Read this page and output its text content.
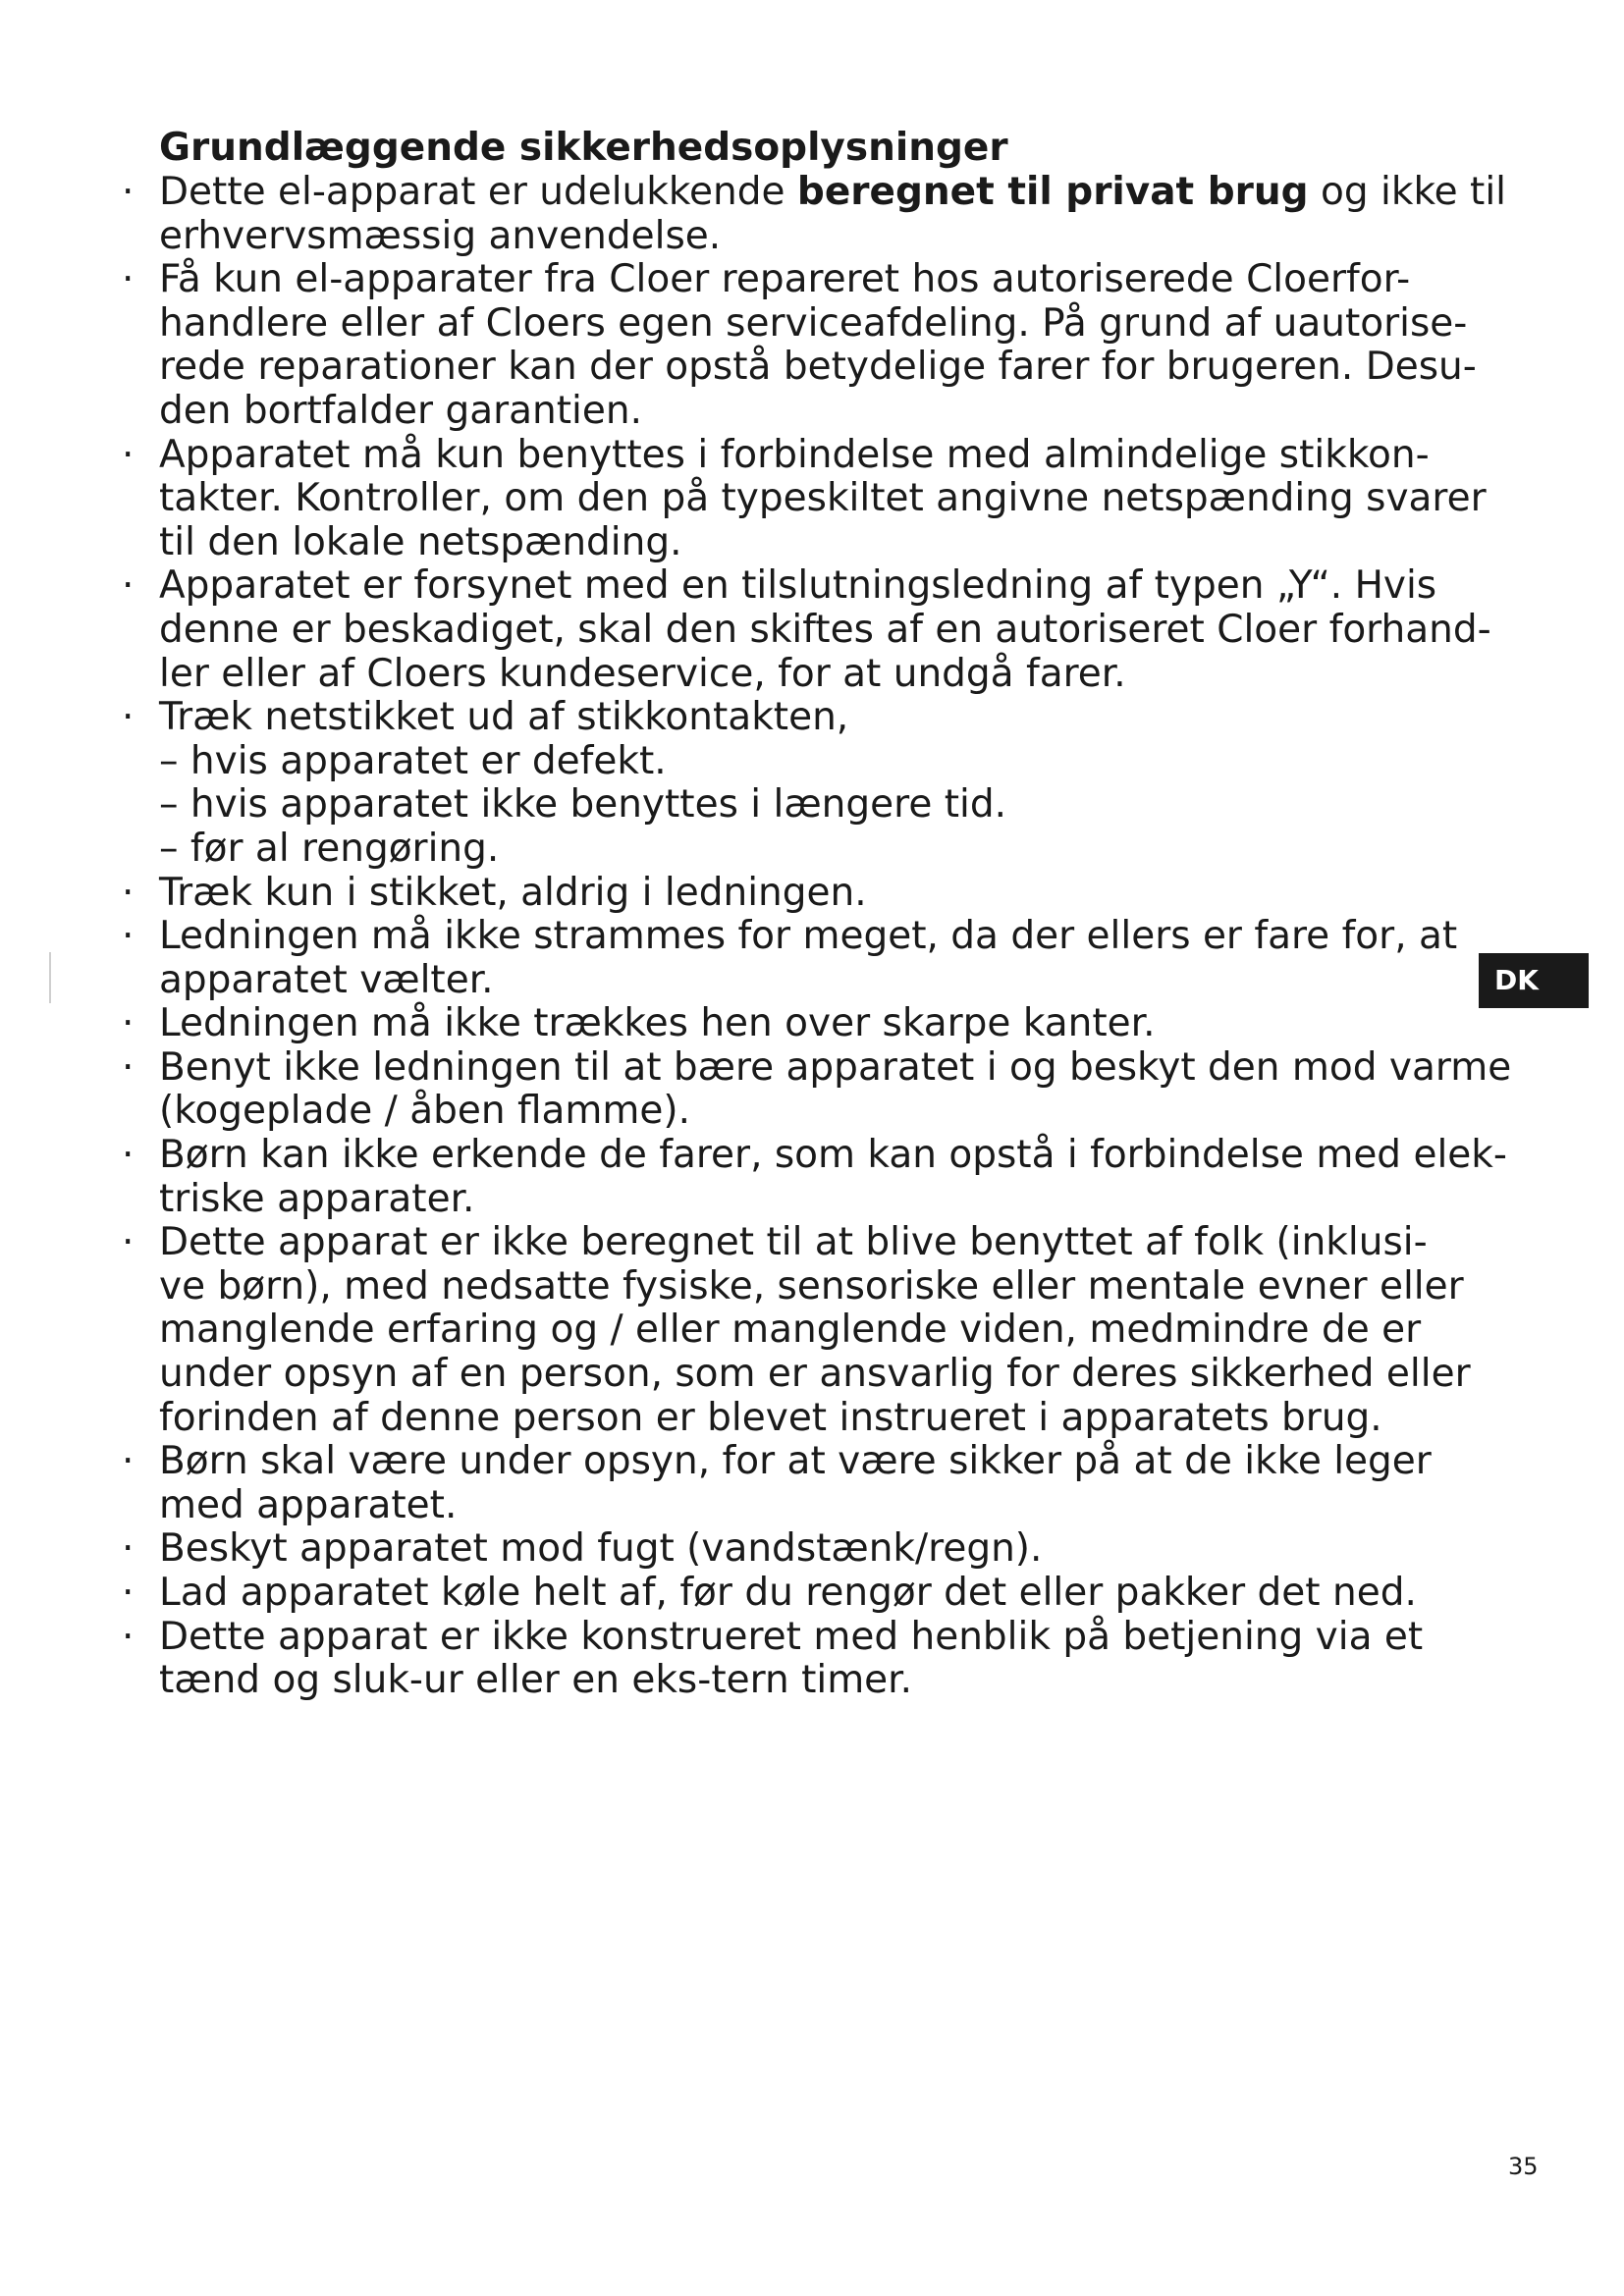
Grundlæggende sikkerhedsoplysninger
· Dette el-apparat er udelukkende beregnet til privat brug og ikke til
erhvervsmæssig anvendelse.
· Få kun el-apparater fra Cloer repareret hos autoriserede Cloerfor-
handlere eller af Cloers egen serviceafdeling. På grund af uautorise-
rede reparationer kan der opstå betydelige farer for brugeren. Desu-
den bortfalder garantien.
· Apparatet må kun benyttes i forbindelse med almindelige stikkon-
takter. Kontroller, om den på typeskiltet angivne netspænding svarer
til den lokale netspænding.
· Apparatet er forsynet med en tilslutningsledning af typen „Y“. Hvis
denne er beskadiget, skal den skiftes af en autoriseret Cloer forhand-
ler eller af Cloers kundeservice, for at undgå farer.
· Træk netstikket ud af stikkontakten,
– hvis apparatet er defekt.
– hvis apparatet ikke benyttes i længere tid.
– før al rengøring.
· Træk kun i stikket, aldrig i ledningen.
· Ledningen må ikke strammes for meget, da der ellers er fare for, at
apparatet vælter.
· Ledningen må ikke trækkes hen over skarpe kanter.
· Benyt ikke ledningen til at bære apparatet i og beskyt den mod varme
(kogeplade / åben flamme).
· Børn kan ikke erkende de farer, som kan opstå i forbindelse med elek-
triske apparater.
· Dette apparat er ikke beregnet til at blive benyttet af folk (inklusi-
ve børn), med nedsatte fysiske, sensoriske eller mentale evner eller
manglende erfaring og / eller manglende viden, medmindre de er
under opsyn af en person, som er ansvarlig for deres sikkerhed eller
forinden af denne person er blevet instrueret i apparatets brug.
· Børn skal være under opsyn, for at være sikker på at de ikke leger
med apparatet.
· Beskyt apparatet mod fugt (vandstænk/regn).
· Lad apparatet køle helt af, før du rengør det eller pakker det ned.
· Dette apparat er ikke konstrueret med henblik på betjening via et
tænd og sluk-ur eller en eks-tern timer.
DK
35
